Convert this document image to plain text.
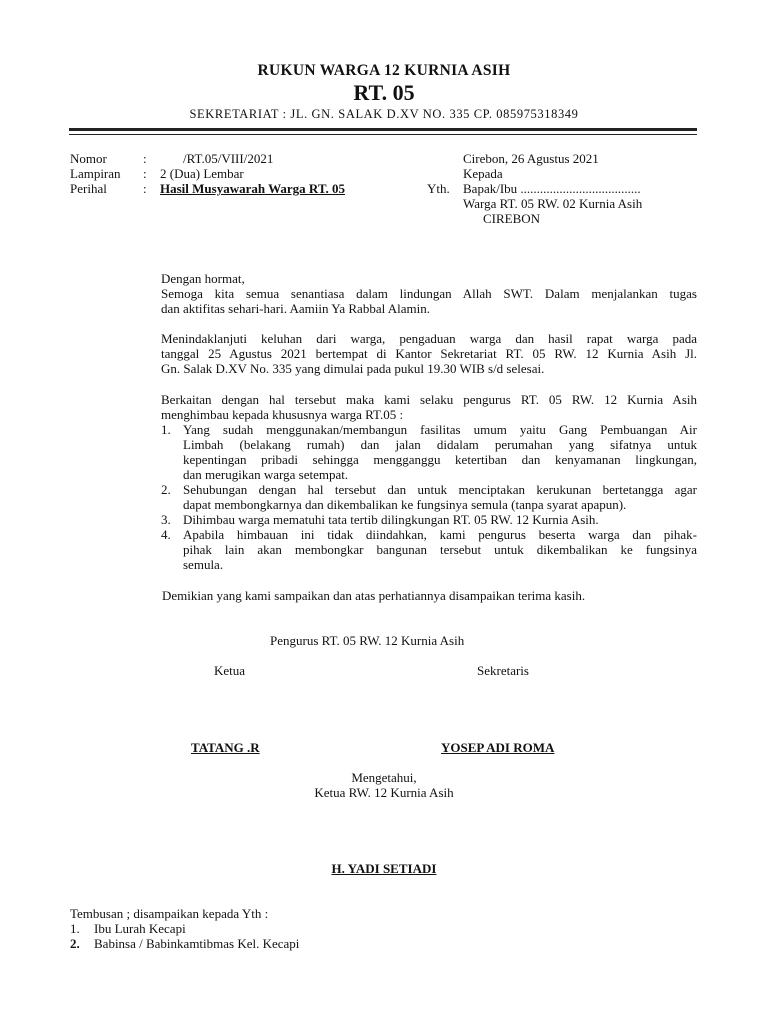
RUKUN WARGA 12 KURNIA ASIH
RT. 05
SEKRETARIAT : JL. GN. SALAK D.XV NO. 335 CP. 085975318349
Nomor	:	/RT.05/VIII/2021
Lampiran : 2 (Dua) Lembar
Perihal	: Hasil Musyawarah Warga RT. 05
Cirebon, 26 Agustus 2021
Kepada
Yth. Bapak/Ibu .....................................
Warga RT. 05 RW. 02 Kurnia Asih
CIREBON
Dengan hormat,
Semoga kita semua senantiasa dalam lindungan Allah SWT. Dalam menjalankan tugas
dan aktifitas sehari-hari. Aamiin Ya Rabbal Alamin.
Menindaklanjuti keluhan dari warga, pengaduan warga dan hasil rapat warga pada
tanggal 25 Agustus 2021 bertempat di Kantor Sekretariat RT. 05 RW. 12 Kurnia Asih Jl.
Gn. Salak D.XV No. 335 yang dimulai pada pukul 19.30 WIB s/d selesai.
Berkaitan dengan hal tersebut maka kami selaku pengurus RT. 05 RW. 12 Kurnia Asih
menghimbau kepada khususnya warga RT.05 :
1. Yang sudah menggunakan/membangun fasilitas umum yaitu Gang Pembuangan Air
Limbah (belakang rumah) dan jalan didalam perumahan yang sifatnya untuk
kepentingan pribadi sehingga mengganggu ketertiban dan kenyamanan lingkungan,
dan merugikan warga setempat.
2. Sehubungan dengan hal tersebut dan untuk menciptakan kerukunan bertetangga agar
dapat membongkarnya dan dikembalikan ke fungsinya semula (tanpa syarat apapun).
3. Dihimbau warga mematuhi tata tertib dilingkungan RT. 05 RW. 12 Kurnia Asih.
4. Apabila himbauan ini tidak diindahkan, kami pengurus beserta warga dan pihak-
pihak lain akan membongkar bangunan tersebut untuk dikembalikan ke fungsinya
semula.
Demikian yang kami sampaikan dan atas perhatiannya disampaikan terima kasih.
Pengurus RT. 05 RW. 12 Kurnia Asih
Ketua	Sekretaris
TATANG .R	YOSEP ADI ROMA
Mengetahui,
Ketua RW. 12 Kurnia Asih
H. YADI SETIADI
Tembusan ; disampaikan kepada Yth :
1. Ibu Lurah Kecapi
2. Babinsa / Babinkamtibmas Kel. Kecapi
